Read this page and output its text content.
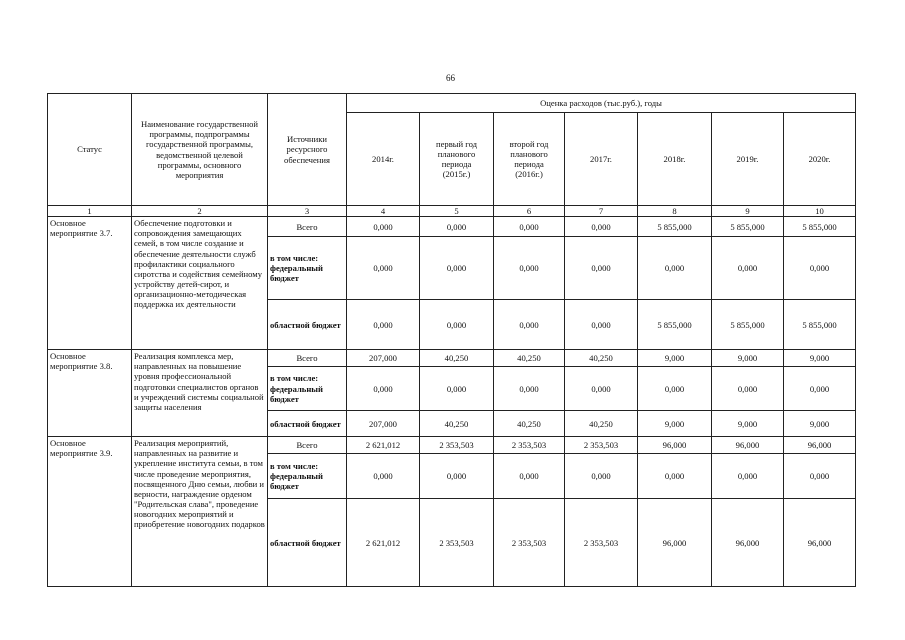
66
Статус	Наименование государственной программы, подпрограммы государственной программы, ведомственной целевой программы, основного мероприятия	Источники ресурсного обеспечения	Оценка расходов (тыс.руб.), годы						
			2014г.	первый год планового периода (2015г.)	второй год планового периода (2016г.)	2017г.	2018г.	2019г.	2020г.
1	2	3	4	5	6	7	8	9	10
Основное мероприятие 3.7.	Обеспечение подготовки и сопровождения замещающих семей, в том числе создание и обеспечение деятельности служб профилактики социального сиротства и содействия семейному устройству детей-сирот, и организационно-методическая поддержка их деятельности	Всего	0,000	0,000	0,000	0,000	5 855,000	5 855,000	5 855,000
		в том числе: федеральный бюджет	0,000	0,000	0,000	0,000	0,000	0,000	0,000
		областной бюджет	0,000	0,000	0,000	0,000	5 855,000	5 855,000	5 855,000
Основное мероприятие 3.8.	Реализация комплекса мер, направленных на повышение уровня профессиональной подготовки специалистов органов и учреждений системы социальной защиты населения	Всего	207,000	40,250	40,250	40,250	9,000	9,000	9,000
		в том числе: федеральный бюджет	0,000	0,000	0,000	0,000	0,000	0,000	0,000
		областной бюджет	207,000	40,250	40,250	40,250	9,000	9,000	9,000
Основное мероприятие 3.9.	Реализация мероприятий, направленных на развитие и укрепление института семьи, в том числе проведение мероприятия, посвященного Дню семьи, любви и верности, награждение орденом "Родительская слава", проведение новогодних мероприятий и приобретение новогодних подарков	Всего	2 621,012	2 353,503	2 353,503	2 353,503	96,000	96,000	96,000
		в том числе: федеральный бюджет	0,000	0,000	0,000	0,000	0,000	0,000	0,000
		областной бюджет	2 621,012	2 353,503	2 353,503	2 353,503	96,000	96,000	96,000
